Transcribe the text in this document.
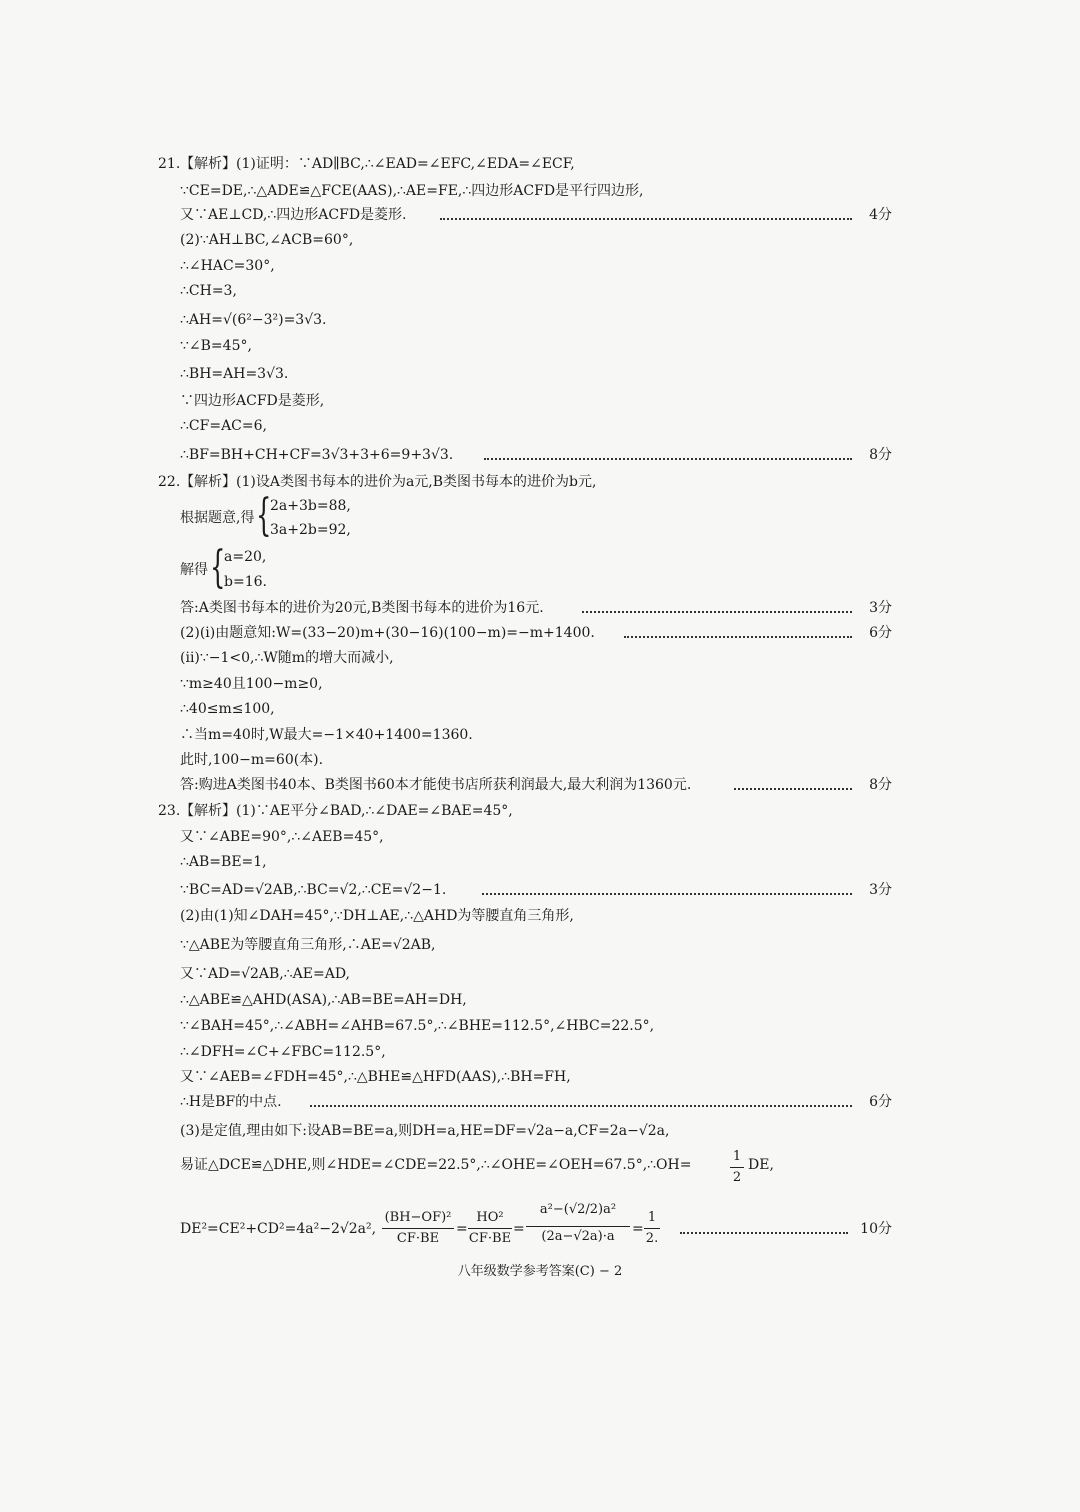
21. 【解析】(1)证明：∵AD∥BC,∴∠EAD=∠EFC,∠EDA=∠ECF,
∵CE=DE,∴△ADE≌△FCE(AAS),∴AE=FE,∴四边形ACFD是平行四边形,
又∵AE⊥CD,∴四边形ACFD是菱形.	4分
(2)∵AH⊥BC,∠ACB=60°,
∴∠HAC=30°,
∴CH=3,
∴AH=√(6²−3²)=3√3.
∵∠B=45°,
∴BH=AH=3√3.
∵四边形ACFD是菱形,
∴CF=AC=6,
∴BF=BH+CH+CF=3√3+3+6=9+3√3.	8分
22. 【解析】(1)设A类图书每本的进价为a元,B类图书每本的进价为b元,
根据题意,得 {
2a+3b=88,
3a+2b=92,
解得 {
a=20,
b=16.
答:A类图书每本的进价为20元,B类图书每本的进价为16元.	3分
(2)(ⅰ)由题意知:W=(33−20)m+(30−16)(100−m)=−m+1400.	6分
(ⅱ)∵−1<0,∴W随m的增大而减小,
∵m≥40且100−m≥0,
∴40≤m≤100,
∴当m=40时,W最大=−1×40+1400=1360.
此时,100−m=60(本).
答:购进A类图书40本、B类图书60本才能使书店所获利润最大,最大利润为1360元.	8分
23. 【解析】(1)∵AE平分∠BAD,∴∠DAE=∠BAE=45°,
又∵∠ABE=90°,∴∠AEB=45°,
∴AB=BE=1,
∵BC=AD=√2AB,∴BC=√2,∴CE=√2−1.	3分
(2)由(1)知∠DAH=45°,∵DH⊥AE,∴△AHD为等腰直角三角形,
∵△ABE为等腰直角三角形,∴AE=√2AB,
又∵AD=√2AB,∴AE=AD,
∴△ABE≌△AHD(ASA),∴AB=BE=AH=DH,
∵∠BAH=45°,∴∠ABH=∠AHB=67.5°,∴∠BHE=112.5°,∠HBC=22.5°,
∴∠DFH=∠C+∠FBC=112.5°,
又∵∠AEB=∠FDH=45°,∴△BHE≌△HFD(AAS),∴BH=FH,
∴H是BF的中点.	6分
(3)是定值,理由如下:设AB=BE=a,则DH=a,HE=DF=√2a−a,CF=2a−√2a,
易证△DCE≌△DHE,则∠HDE=∠CDE=22.5°,∴∠OHE=∠OEH=67.5°,∴OH=	DE,
1
2
DE²=CE²+CD²=4a²−2√2a²,	=	=	=	10分
(BH−OF)²
CF·BE
HO²
CF·BE
a²−(√2/2)a²
(2a−√2a)·a
1
2.
八年级数学参考答案(C) − 2
